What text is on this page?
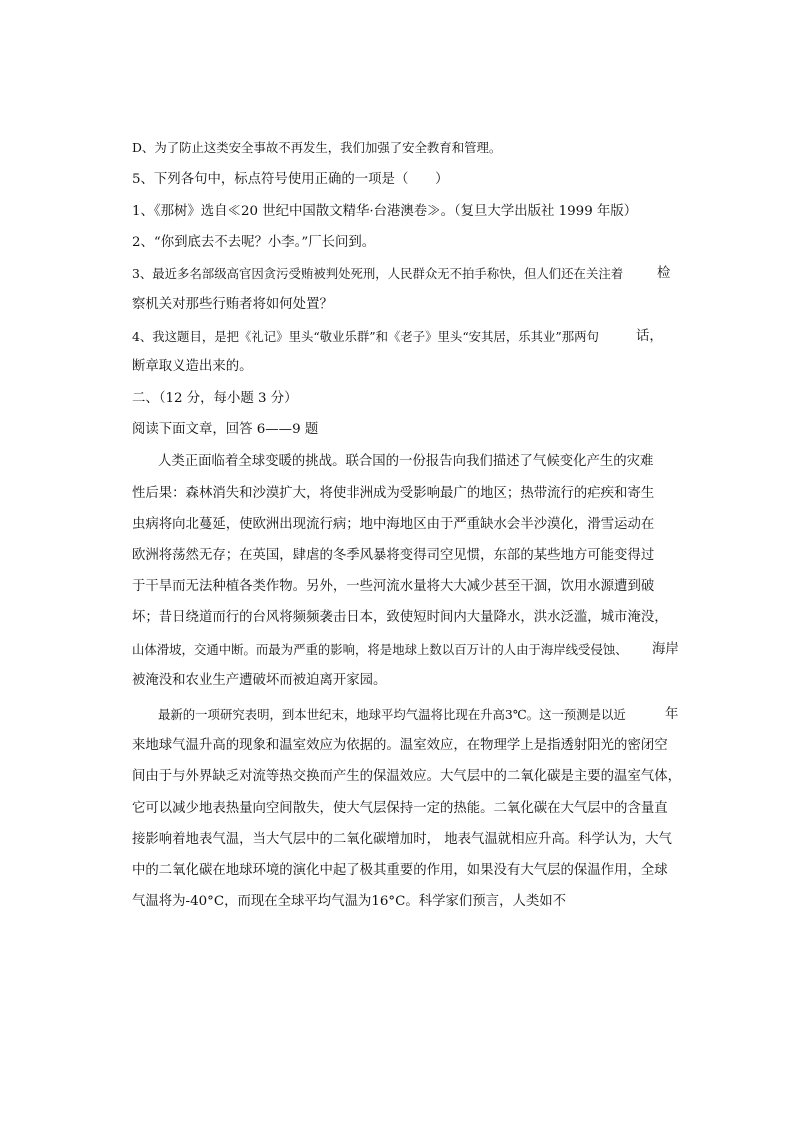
D、为了防止这类安全事故不再发生，我们加强了安全教育和管理。
5、下列各句中，标点符号使用正确的一项是（　　）
1、《那树》选自≪20 世纪中国散文精华·台港澳卷≫。（复旦大学出版社 1999 年版）
2、“你到底去不去呢？小李。”厂长问到。
3、最近多名部级高官因贪污受贿被判处死刑，人民群众无不拍手称快，但人们还在关注着	检
察机关对那些行贿者将如何处置？
4、我这题目，是把《礼记》里头“敬业乐群”和《老子》里头“安其居，乐其业”那两句	话，
断章取义造出来的。
二、（12 分，每小题 3 分）
阅读下面文章，回答 6——9 题
人类正面临着全球变暖的挑战。联合国的一份报告向我们描述了气候变化产生的灾难
性后果：森林消失和沙漠扩大，将使非洲成为受影响最广的地区；热带流行的疟疾和寄生
虫病将向北蔓延，使欧洲出现流行病；地中海地区由于严重缺水会半沙漠化，滑雪运动在
欧洲将荡然无存；在英国，肆虐的冬季风暴将变得司空见惯，东部的某些地方可能变得过
于干旱而无法种植各类作物。另外，一些河流水量将大大减少甚至干涸，饮用水源遭到破
坏；昔日绕道而行的台风将频频袭击日本，致使短时间内大量降水，洪水泛滥，城市淹没，
山体滑坡，交通中断。而最为严重的影响，将是地球上数以百万计的人由于海岸线受侵蚀、 海岸
被淹没和农业生产遭破坏而被迫离开家园。
最新的一项研究表明，到本世纪末，地球平均气温将比现在升高3℃。这一预测是以近	年
来地球气温升高的现象和温室效应为依据的。温室效应，在物理学上是指透射阳光的密闭空
间由于与外界缺乏对流等热交换而产生的保温效应。大气层中的二氧化碳是主要的温室气体，
它可以减少地表热量向空间散失，使大气层保持一定的热能。二氧化碳在大气层中的含量直
接影响着地表气温，当大气层中的二氧化碳增加时， 地表气温就相应升高。科学认为，大气
中的二氧化碳在地球环境的演化中起了极其重要的作用，如果没有大气层的保温作用，全球
气温将为-40°C，而现在全球平均气温为16°C。科学家们预言，人类如不
